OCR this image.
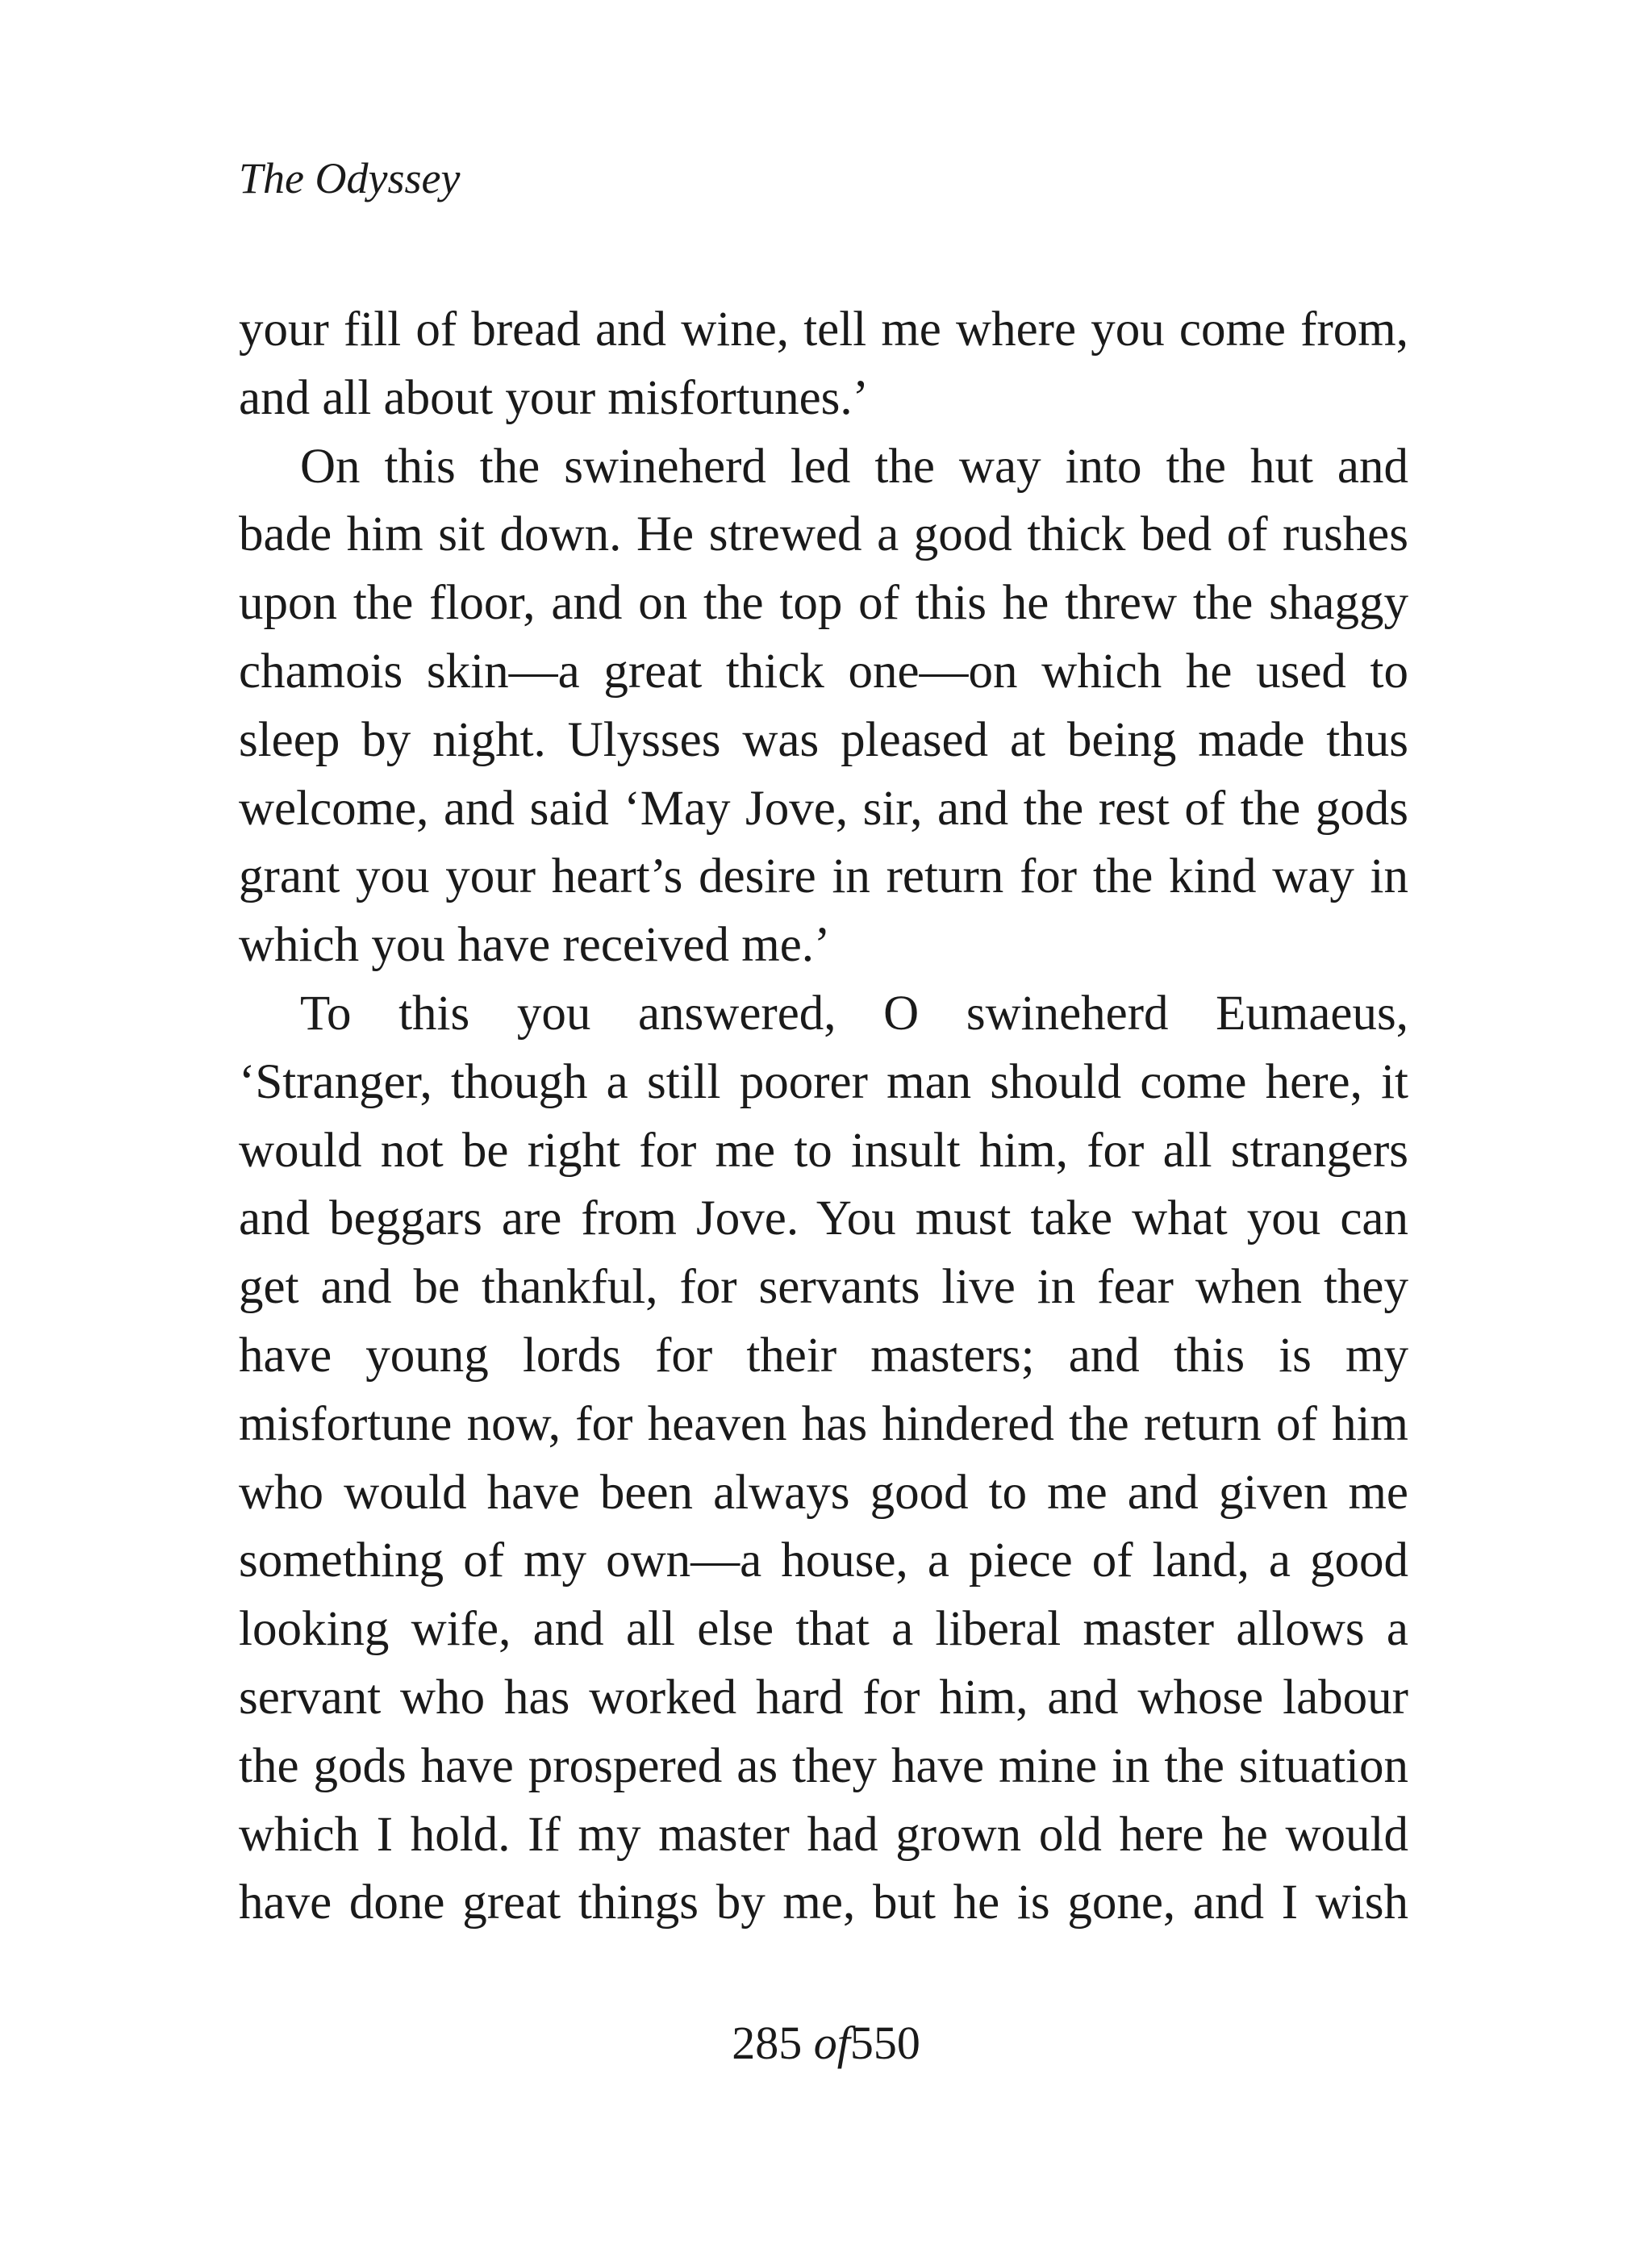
The Odyssey
your fill of bread and wine, tell me where you come from,
and all about your misfortunes.’
On this the swineherd led the way into the hut and
bade him sit down. He strewed a good thick bed of rushes
upon the floor, and on the top of this he threw the shaggy
chamois skin—a great thick one—on which he used to
sleep by night. Ulysses was pleased at being made thus
welcome, and said ‘May Jove, sir, and the rest of the gods
grant you your heart’s desire in return for the kind way in
which you have received me.’
To this you answered, O swineherd Eumaeus,
‘Stranger, though a still poorer man should come here, it
would not be right for me to insult him, for all strangers
and beggars are from Jove. You must take what you can
get and be thankful, for servants live in fear when they
have young lords for their masters; and this is my
misfortune now, for heaven has hindered the return of him
who would have been always good to me and given me
something of my own—a house, a piece of land, a good
looking wife, and all else that a liberal master allows a
servant who has worked hard for him, and whose labour
the gods have prospered as they have mine in the situation
which I hold. If my master had grown old here he would
have done great things by me, but he is gone, and I wish
285 of550
